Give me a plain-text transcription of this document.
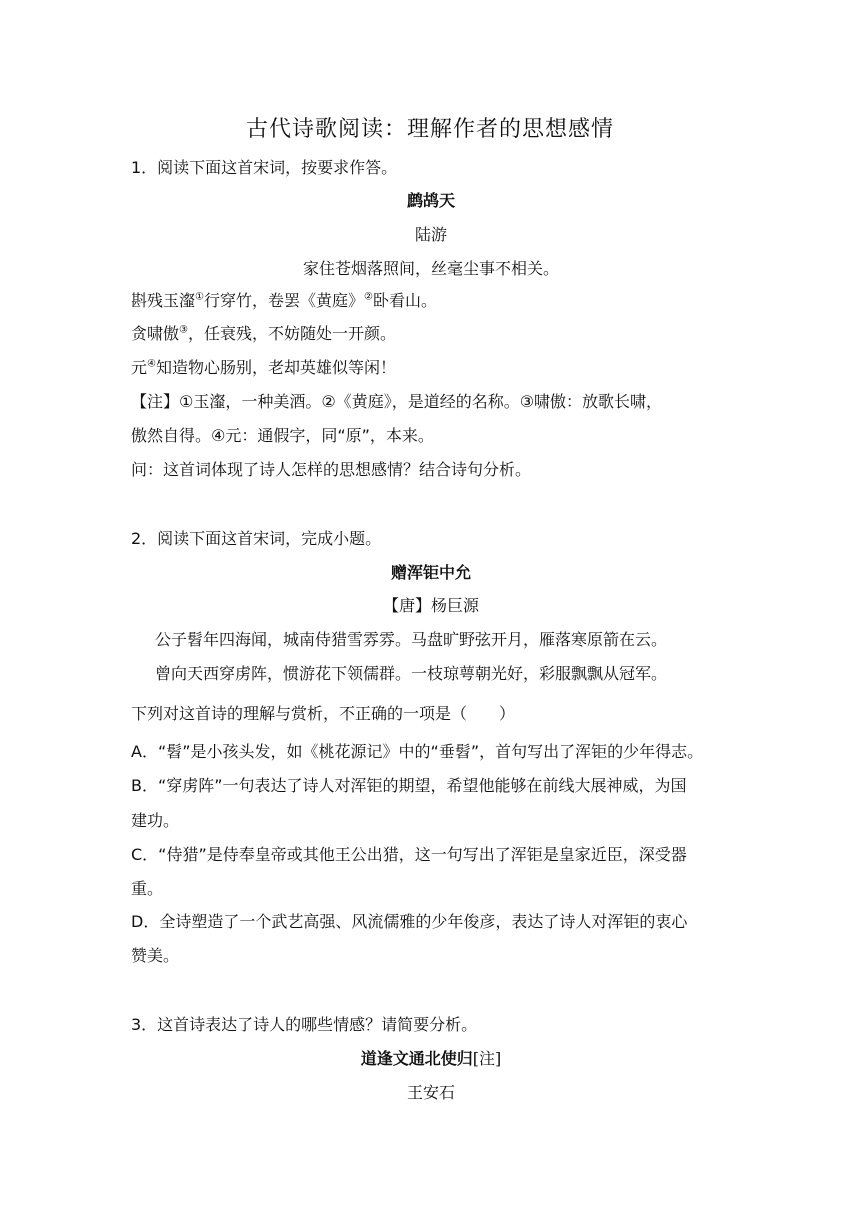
古代诗歌阅读：理解作者的思想感情
1．阅读下面这首宋词，按要求作答。
鹧鸪天
陆游
家住苍烟落照间，丝毫尘事不相关。
斟残玉瀣①行穿竹，卷罢《黄庭》②卧看山。
贪啸傲③，任衰残，不妨随处一开颜。
元④知造物心肠别，老却英雄似等闲！
【注】①玉瀣，一种美酒。②《黄庭》，是道经的名称。③啸傲：放歌长啸，
傲然自得。④元：通假字，同“原”，本来。
问：这首词体现了诗人怎样的思想感情？结合诗句分析。
2．阅读下面这首宋词，完成小题。
赠浑钜中允
【唐】杨巨源
公子髫年四海闻，城南侍猎雪雰雰。马盘旷野弦开月，雁落寒原箭在云。
曾向天西穿虏阵，惯游花下领儒群。一枝琼萼朝光好，彩服飘飘从冠军。
下列对这首诗的理解与赏析，不正确的一项是（　　）
A．“髫”是小孩头发，如《桃花源记》中的“垂髫”，首句写出了浑钜的少年得志。
B．“穿虏阵”一句表达了诗人对浑钜的期望，希望他能够在前线大展神威，为国
建功。
C．“侍猎”是侍奉皇帝或其他王公出猎，这一句写出了浑钜是皇家近臣，深受器
重。
D．全诗塑造了一个武艺高强、风流儒雅的少年俊彦，表达了诗人对浑钜的衷心
赞美。
3．这首诗表达了诗人的哪些情感？请简要分析。
道逢文通北使归[注]
王安石
